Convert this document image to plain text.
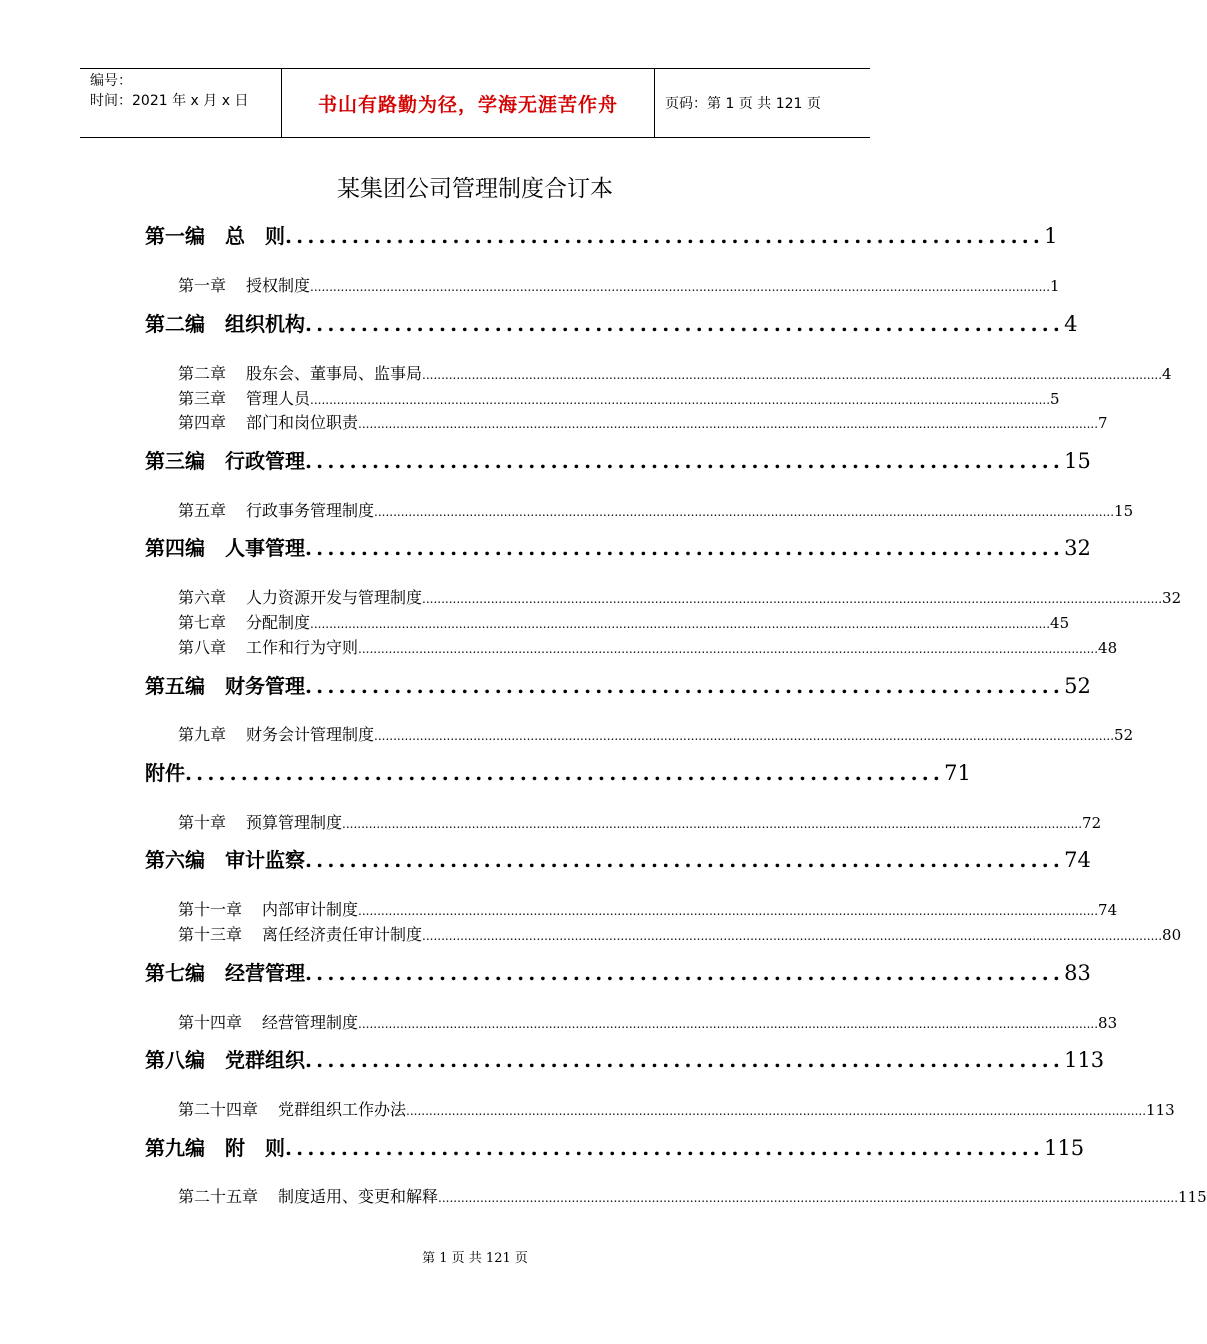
编号：
时间：2021 年 x 月 x 日	书山有路勤为径，学海无涯苦作舟	页码：第 1 页 共 121 页
某集团公司管理制度合订本
第一编　总　则 .................................................................... 1
第一章 授权制度 .................................................................................................................................................................................................. 1
第二编　组织机构 .................................................................... 4
第二章 股东会、董事局、监事局 .................................................................................................................................................................................................. 4
第三章 管理人员 .................................................................................................................................................................................................. 5
第四章 部门和岗位职责 .................................................................................................................................................................................................. 7
第三编　行政管理 .................................................................... 15
第五章 行政事务管理制度 .................................................................................................................................................................................................. 15
第四编　人事管理 .................................................................... 32
第六章 人力资源开发与管理制度 .................................................................................................................................................................................................. 32
第七章 分配制度 .................................................................................................................................................................................................. 45
第八章 工作和行为守则 .................................................................................................................................................................................................. 48
第五编　财务管理 .................................................................... 52
第九章 财务会计管理制度 .................................................................................................................................................................................................. 52
附件 .................................................................... 71
第十章 预算管理制度 .................................................................................................................................................................................................. 72
第六编　审计监察 .................................................................... 74
第十一章 内部审计制度 .................................................................................................................................................................................................. 74
第十三章 离任经济责任审计制度 .................................................................................................................................................................................................. 80
第七编　经营管理 .................................................................... 83
第十四章 经营管理制度 .................................................................................................................................................................................................. 83
第八编　党群组织 .................................................................... 113
第二十四章 党群组织工作办法 .................................................................................................................................................................................................. 113
第九编　附　则 .................................................................... 115
第二十五章 制度适用、变更和解释 .................................................................................................................................................................................................. 115
第 1 页 共 121 页
